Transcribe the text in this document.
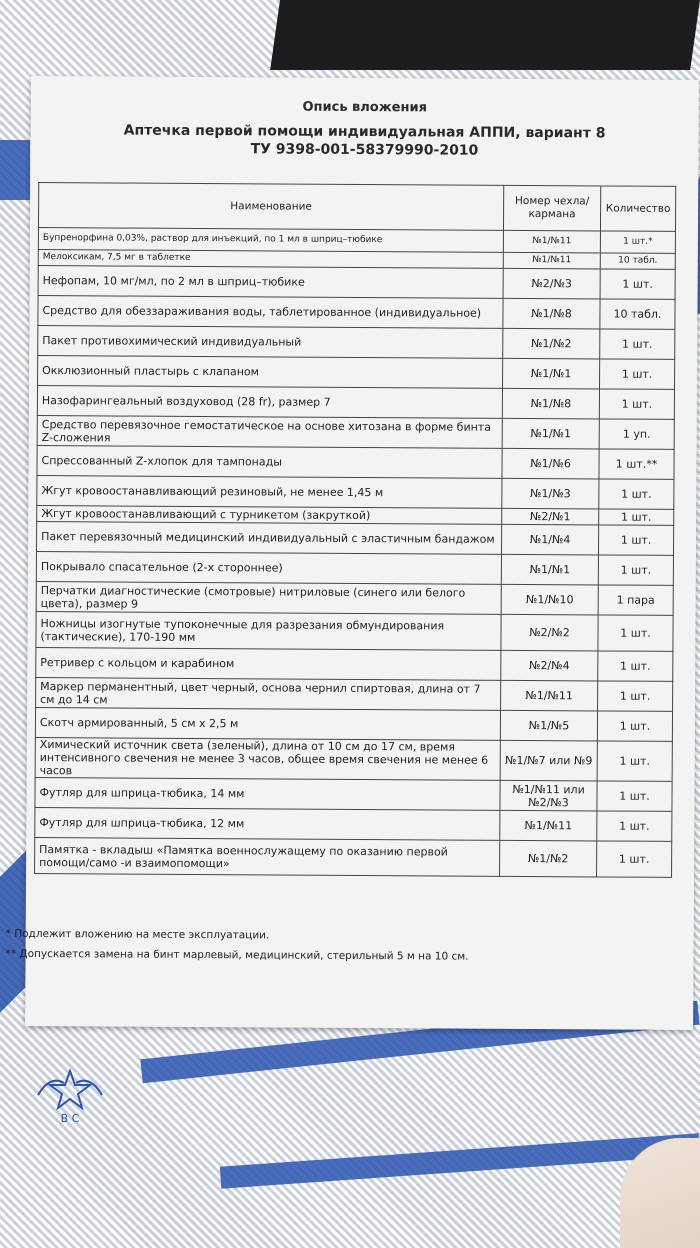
Опись вложения
Аптечка первой помощи индивидуальная АППИ, вариант 8
ТУ 9398-001-58379990-2010
Наименование	Номер чехла/кармана	Количество
Бупренорфина 0,03%, раствор для инъекций, по 1 мл в шприц–тюбике	№1/№11	1 шт.*
Мелоксикам, 7,5 мг в таблетке	№1/№11	10 табл.
Нефопам, 10 мг/мл, по 2 мл в шприц–тюбике	№2/№3	1 шт.
Средство для обеззараживания воды, таблетированное (индивидуальное)	№1/№8	10 табл.
Пакет противохимический индивидуальный	№1/№2	1 шт.
Окклюзионный пластырь с клапаном	№1/№1	1 шт.
Назофарингеальный воздуховод (28 fr), размер 7	№1/№8	1 шт.
Средство перевязочное гемостатическое на основе хитозана в форме бинта Z-сложения	№1/№1	1 уп.
Спрессованный Z-хлопок для тампонады	№1/№6	1 шт.**
Жгут кровоостанавливающий резиновый, не менее 1,45 м	№1/№3	1 шт.
Жгут кровоостанавливающий с турникетом (закруткой)	№2/№1	1 шт.
Пакет перевязочный медицинский индивидуальный с эластичным бандажом	№1/№4	1 шт.
Покрывало спасательное (2-х стороннее)	№1/№1	1 шт.
Перчатки диагностические (смотровые) нитриловые (синего или белого цвета), размер 9	№1/№10	1 пара
Ножницы изогнутые тупоконечные для разрезания обмундирования (тактические), 170-190 мм	№2/№2	1 шт.
Ретривер с кольцом и карабином	№2/№4	1 шт.
Маркер перманентный, цвет черный, основа чернил спиртовая, длина от 7 см до 14 см	№1/№11	1 шт.
Скотч армированный, 5 см х 2,5 м	№1/№5	1 шт.
Химический источник света (зеленый), длина от 10 см до 17 см, время интенсивного свечения не менее 3 часов, общее время свечения не менее 6 часов	№1/№7 или №9	1 шт.
Футляр для шприца-тюбика, 14 мм	№1/№11 или №2/№3	1 шт.
Футляр для шприца-тюбика, 12 мм	№1/№11	1 шт.
Памятка - вкладыш «Памятка военнослужащему по оказанию первой помощи/само -и взаимопомощи»	№1/№2	1 шт.
* Подлежит вложению на месте эксплуатации.
** Допускается замена на бинт марлевый, медицинский, стерильный 5 м на 10 см.
В С
